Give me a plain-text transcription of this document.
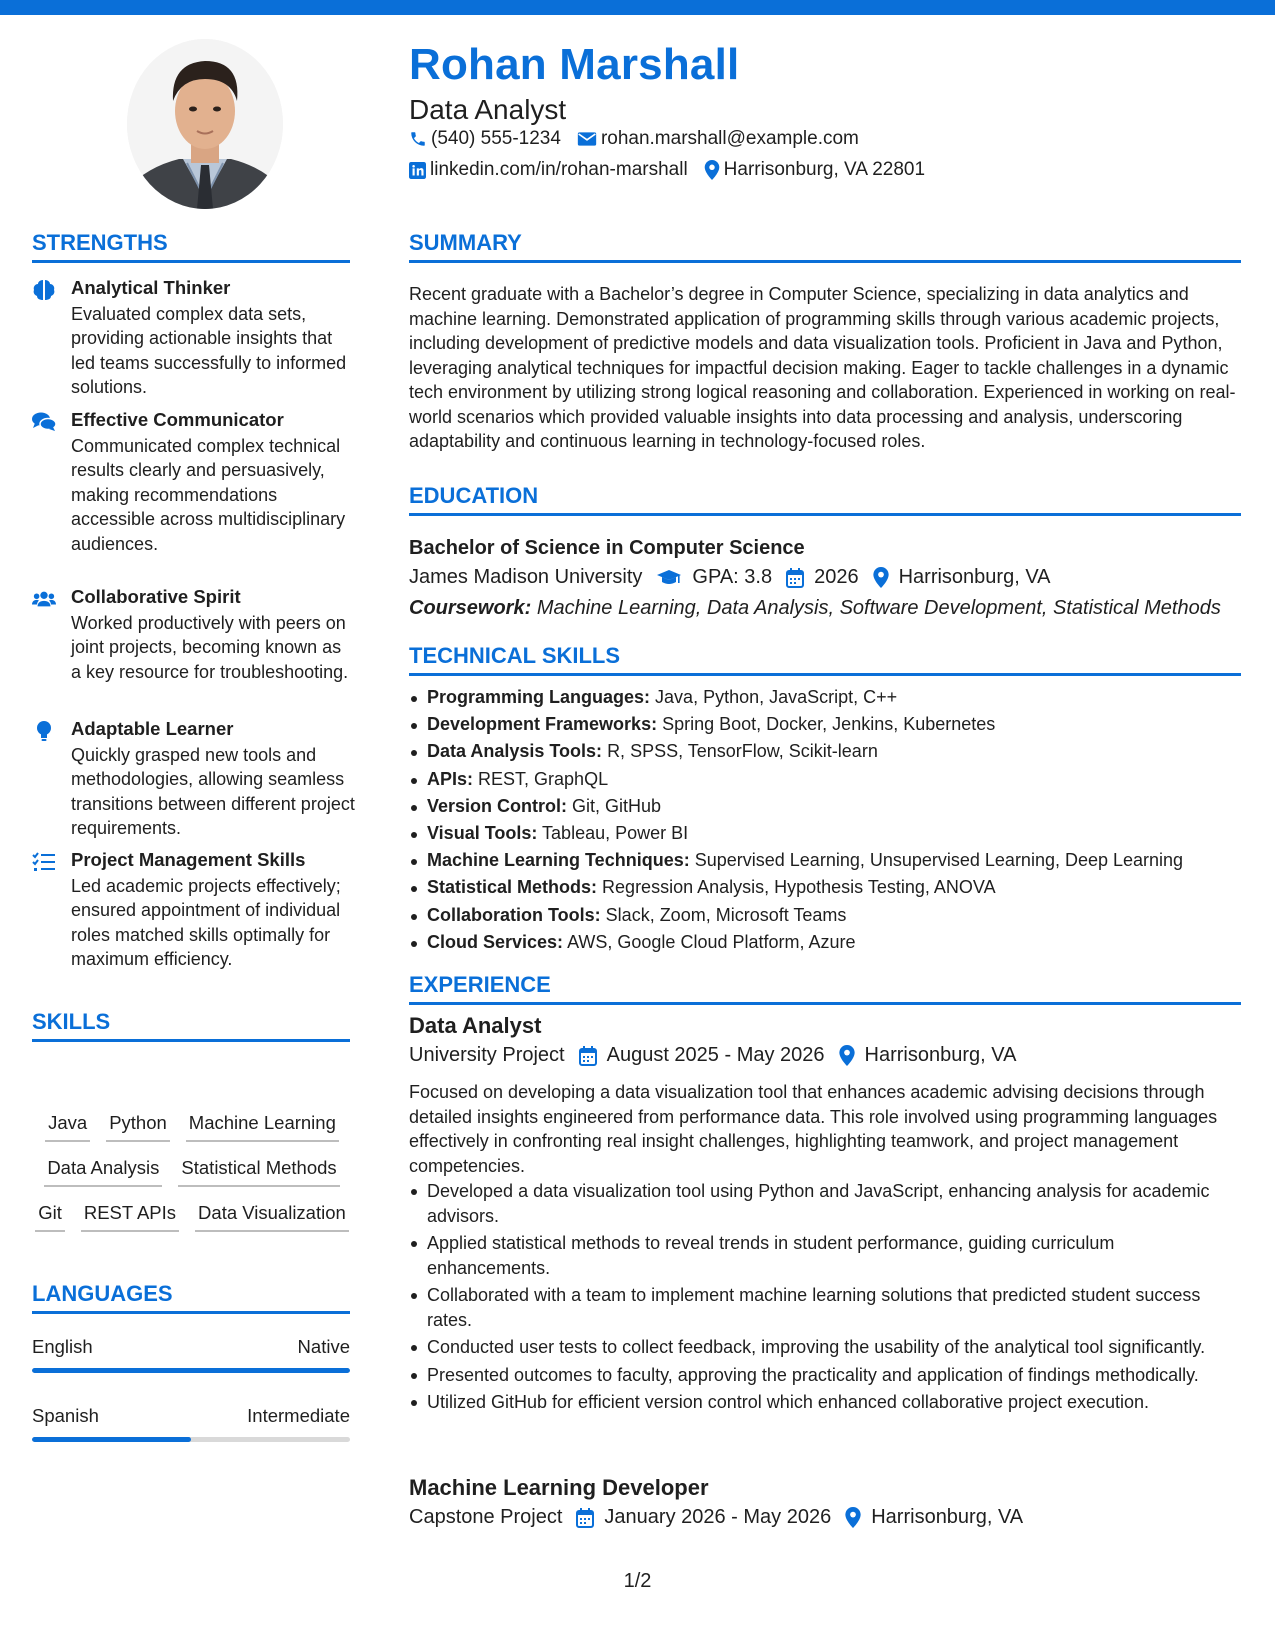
Rohan Marshall
Data Analyst
(540) 555-1234 rohan.marshall@example.com
linkedin.com/in/rohan-marshall Harrisonburg, VA 22801
STRENGTHS
Analytical Thinker
Evaluated complex data sets, providing actionable insights that led teams successfully to informed solutions.
Effective Communicator
Communicated complex technical results clearly and persuasively, making recommendations accessible across multidisciplinary audiences.
Collaborative Spirit
Worked productively with peers on joint projects, becoming known as a key resource for troubleshooting.
Adaptable Learner
Quickly grasped new tools and methodologies, allowing seamless transitions between different project requirements.
Project Management Skills
Led academic projects effectively; ensured appointment of individual roles matched skills optimally for maximum efficiency.
SKILLS
Java Python Machine Learning
Data Analysis Statistical Methods
Git REST APIs Data Visualization
LANGUAGES
English	Native
Spanish	Intermediate
SUMMARY
Recent graduate with a Bachelor’s degree in Computer Science, specializing in data analytics and machine learning. Demonstrated application of programming skills through various academic projects, including development of predictive models and data visualization tools. Proficient in Java and Python, leveraging analytical techniques for impactful decision making. Eager to tackle challenges in a dynamic tech environment by utilizing strong logical reasoning and collaboration. Experienced in working on real-world scenarios which provided valuable insights into data processing and analysis, underscoring adaptability and continuous learning in technology-focused roles.
EDUCATION
Bachelor of Science in Computer Science
James Madison University	GPA: 3.8 2026 Harrisonburg, VA
Coursework: Machine Learning, Data Analysis, Software Development, Statistical Methods
TECHNICAL SKILLS
Programming Languages: Java, Python, JavaScript, C++
Development Frameworks: Spring Boot, Docker, Jenkins, Kubernetes
Data Analysis Tools: R, SPSS, TensorFlow, Scikit-learn
APIs: REST, GraphQL
Version Control: Git, GitHub
Visual Tools: Tableau, Power BI
Machine Learning Techniques: Supervised Learning, Unsupervised Learning, Deep Learning
Statistical Methods: Regression Analysis, Hypothesis Testing, ANOVA
Collaboration Tools: Slack, Zoom, Microsoft Teams
Cloud Services: AWS, Google Cloud Platform, Azure
EXPERIENCE
Data Analyst
University Project August 2025 - May 2026 Harrisonburg, VA
Focused on developing a data visualization tool that enhances academic advising decisions through detailed insights engineered from performance data. This role involved using programming languages effectively in confronting real insight challenges, highlighting teamwork, and project management competencies.
Developed a data visualization tool using Python and JavaScript, enhancing analysis for academic advisors.
Applied statistical methods to reveal trends in student performance, guiding curriculum enhancements.
Collaborated with a team to implement machine learning solutions that predicted student success rates.
Conducted user tests to collect feedback, improving the usability of the analytical tool significantly.
Presented outcomes to faculty, approving the practicality and application of findings methodically.
Utilized GitHub for efficient version control which enhanced collaborative project execution.
Machine Learning Developer
Capstone Project January 2026 - May 2026 Harrisonburg, VA
1/2
